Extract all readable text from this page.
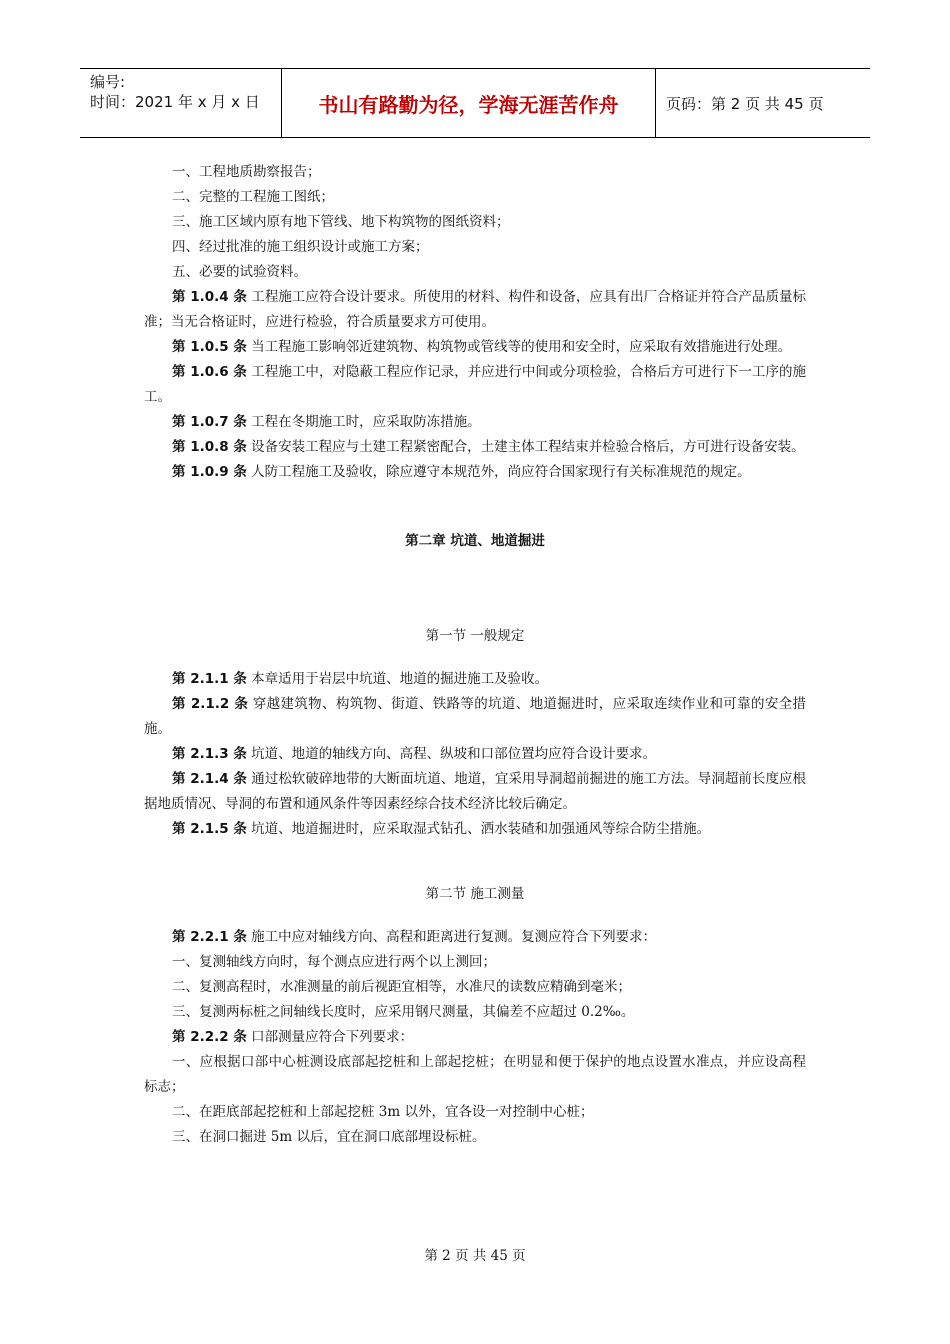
编号:
时间：2021 年 x 月 x 日	书山有路勤为径，学海无涯苦作舟	页码：第 2 页 共 45 页

一、工程地质勘察报告；

二、完整的工程施工图纸；

三、施工区域内原有地下管线、地下构筑物的图纸资料；

四、经过批准的施工组织设计或施工方案；

五、必要的试验资料。

第 1.0.4 条 工程施工应符合设计要求。所使用的材料、构件和设备，应具有出厂合格证并符合产品质量标准；当无合格证时，应进行检验，符合质量要求方可使用。

第 1.0.5 条 当工程施工影响邻近建筑物、构筑物或管线等的使用和安全时，应采取有效措施进行处理。

第 1.0.6 条 工程施工中，对隐蔽工程应作记录，并应进行中间或分项检验，合格后方可进行下一工序的施工。

第 1.0.7 条 工程在冬期施工时，应采取防冻措施。

第 1.0.8 条 设备安装工程应与土建工程紧密配合，土建主体工程结束并检验合格后，方可进行设备安装。

第 1.0.9 条 人防工程施工及验收，除应遵守本规范外，尚应符合国家现行有关标准规范的规定。

第二章 坑道、地道掘进
第一节 一般规定

第 2.1.1 条 本章适用于岩层中坑道、地道的掘进施工及验收。

第 2.1.2 条 穿越建筑物、构筑物、街道、铁路等的坑道、地道掘进时，应采取连续作业和可靠的安全措施。

第 2.1.3 条 坑道、地道的轴线方向、高程、纵坡和口部位置均应符合设计要求。

第 2.1.4 条 通过松软破碎地带的大断面坑道、地道，宜采用导洞超前掘进的施工方法。导洞超前长度应根据地质情况、导洞的布置和通风条件等因素经综合技术经济比较后确定。

第 2.1.5 条 坑道、地道掘进时，应采取湿式钻孔、洒水装碴和加强通风等综合防尘措施。

第二节 施工测量

第 2.2.1 条 施工中应对轴线方向、高程和距离进行复测。复测应符合下列要求：

一、复测轴线方向时，每个测点应进行两个以上测回；

二、复测高程时，水准测量的前后视距宜相等，水准尺的读数应精确到毫米；

三、复测两标桩之间轴线长度时，应采用钢尺测量，其偏差不应超过 0.2‰。

第 2.2.2 条 口部测量应符合下列要求：

一、应根据口部中心桩测设底部起挖桩和上部起挖桩；在明显和便于保护的地点设置水准点，并应设高程标志；

二、在距底部起挖桩和上部起挖桩 3m 以外，宜各设一对控制中心桩；

三、在洞口掘进 5m 以后，宜在洞口底部埋设标桩。

第 2 页 共 45 页
